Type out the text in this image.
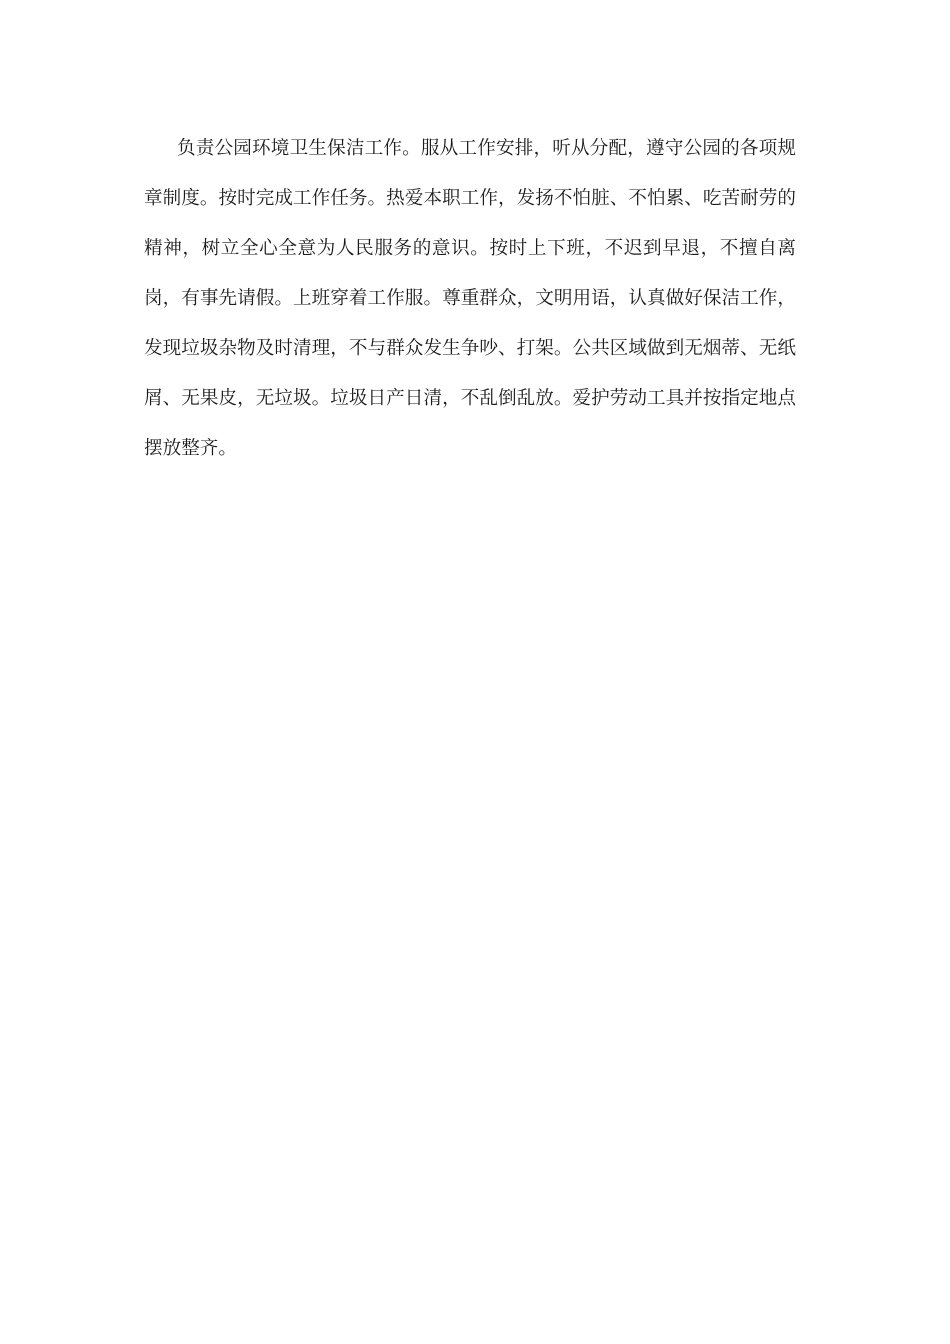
负责公园环境卫生保洁工作。服从工作安排，听从分配，遵守公园的各项规章制度。按时完成工作任务。热爱本职工作，发扬不怕脏、不怕累、吃苦耐劳的精神，树立全心全意为人民服务的意识。按时上下班，不迟到早退，不擅自离岗，有事先请假。上班穿着工作服。尊重群众，文明用语，认真做好保洁工作，发现垃圾杂物及时清理，不与群众发生争吵、打架。公共区域做到无烟蒂、无纸屑、无果皮，无垃圾。垃圾日产日清，不乱倒乱放。爱护劳动工具并按指定地点摆放整齐。
